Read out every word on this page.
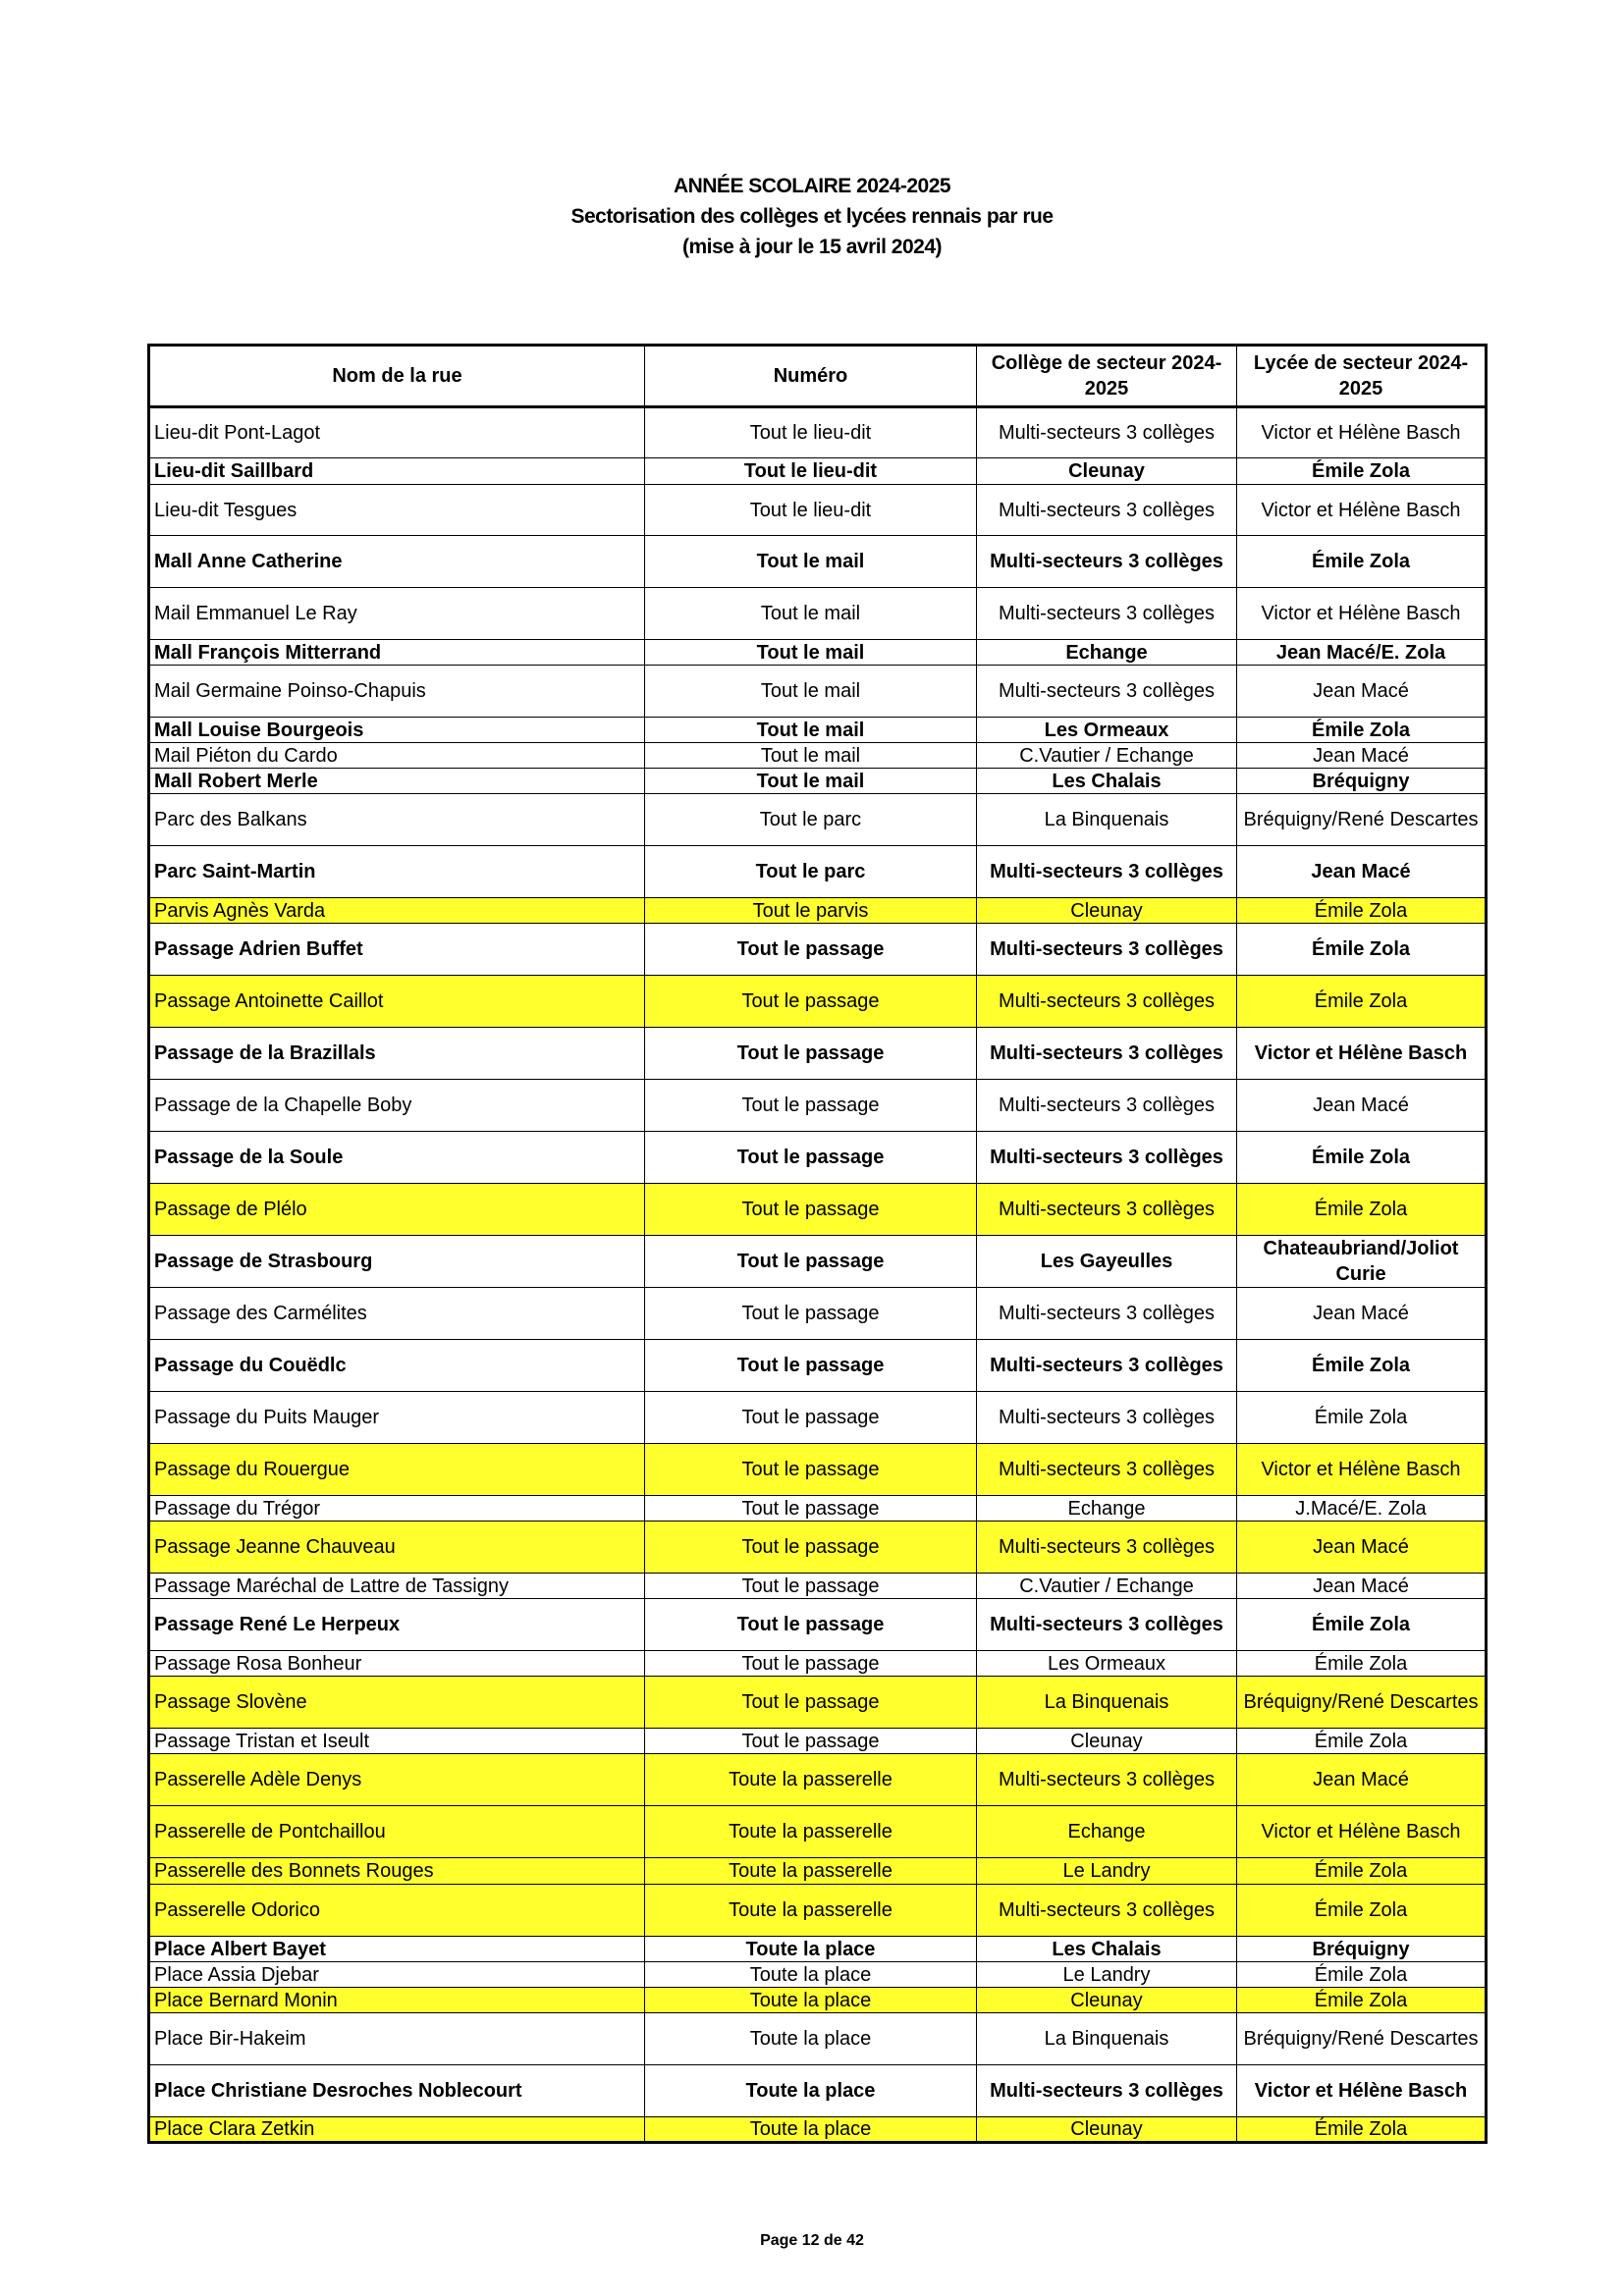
ANNÉE SCOLAIRE 2024-2025
Sectorisation des collèges et lycées rennais par rue
(mise à jour le 15 avril 2024)
Nom de la rue	Numéro	Collège de secteur 2024-2025	Lycée de secteur 2024-2025
Lieu-dit Pont-Lagot	Tout le lieu-dit	Multi-secteurs 3 collèges	Victor et Hélène Basch
Lieu-dit Saillbard	Tout le lieu-dit	Cleunay	Émile Zola
Lieu-dit Tesgues	Tout le lieu-dit	Multi-secteurs 3 collèges	Victor et Hélène Basch
Mall Anne Catherine	Tout le mail	Multi-secteurs 3 collèges	Émile Zola
Mail Emmanuel Le Ray	Tout le mail	Multi-secteurs 3 collèges	Victor et Hélène Basch
Mall François Mitterrand	Tout le mail	Echange	Jean Macé/E. Zola
Mail Germaine Poinso-Chapuis	Tout le mail	Multi-secteurs 3 collèges	Jean Macé
Mall Louise Bourgeois	Tout le mail	Les Ormeaux	Émile Zola
Mail Piéton du Cardo	Tout le mail	C.Vautier / Echange	Jean Macé
Mall Robert Merle	Tout le mail	Les Chalais	Bréquigny
Parc des Balkans	Tout le parc	La Binquenais	Bréquigny/René Descartes

Parc Saint-Martin	Tout le parc	Multi-secteurs 3 collèges	Jean Macé
Parvis Agnès Varda	Tout le parvis	Cleunay	Émile Zola
Passage Adrien Buffet	Tout le passage	Multi-secteurs 3 collèges	Émile Zola
Passage Antoinette Caillot	Tout le passage	Multi-secteurs 3 collèges	Émile Zola
Passage de la Brazillals	Tout le passage	Multi-secteurs 3 collèges	Victor et Hélène Basch
Passage de la Chapelle Boby	Tout le passage	Multi-secteurs 3 collèges	Jean Macé
Passage de la Soule	Tout le passage	Multi-secteurs 3 collèges	Émile Zola
Passage de Plélo	Tout le passage	Multi-secteurs 3 collèges	Émile Zola
Passage de Strasbourg	Tout le passage	Les Gayeulles	Chateaubriand/Joliot Curie

Passage des Carmélites	Tout le passage	Multi-secteurs 3 collèges	Jean Macé
Passage du Couëdlc	Tout le passage	Multi-secteurs 3 collèges	Émile Zola
Passage du Puits Mauger	Tout le passage	Multi-secteurs 3 collèges	Émile Zola
Passage du Rouergue	Tout le passage	Multi-secteurs 3 collèges	Victor et Hélène Basch
Passage du Trégor	Tout le passage	Echange	J.Macé/E. Zola
Passage Jeanne Chauveau	Tout le passage	Multi-secteurs 3 collèges	Jean Macé
Passage Maréchal de Lattre de Tassigny	Tout le passage	C.Vautier / Echange	Jean Macé
Passage René Le Herpeux	Tout le passage	Multi-secteurs 3 collèges	Émile Zola
Passage Rosa Bonheur	Tout le passage	Les Ormeaux	Émile Zola
Passage Slovène	Tout le passage	La Binquenais	Bréquigny/René Descartes

Passage Tristan et Iseult	Tout le passage	Cleunay	Émile Zola
Passerelle Adèle Denys	Toute la passerelle	Multi-secteurs 3 collèges	Jean Macé
Passerelle de Pontchaillou	Toute la passerelle	Echange	Victor et Hélène Basch
Passerelle des Bonnets Rouges	Toute la passerelle	Le Landry	Émile Zola
Passerelle Odorico	Toute la passerelle	Multi-secteurs 3 collèges	Émile Zola
Place Albert Bayet	Toute la place	Les Chalais	Bréquigny
Place Assia Djebar	Toute la place	Le Landry	Émile Zola
Place Bernard Monin	Toute la place	Cleunay	Émile Zola
Place Bir-Hakeim	Toute la place	La Binquenais	Bréquigny/René Descartes

Place Christiane Desroches Noblecourt	Toute la place	Multi-secteurs 3 collèges	Victor et Hélène Basch
Place Clara Zetkin	Toute la place	Cleunay	Émile Zola
Page 12 de 42
